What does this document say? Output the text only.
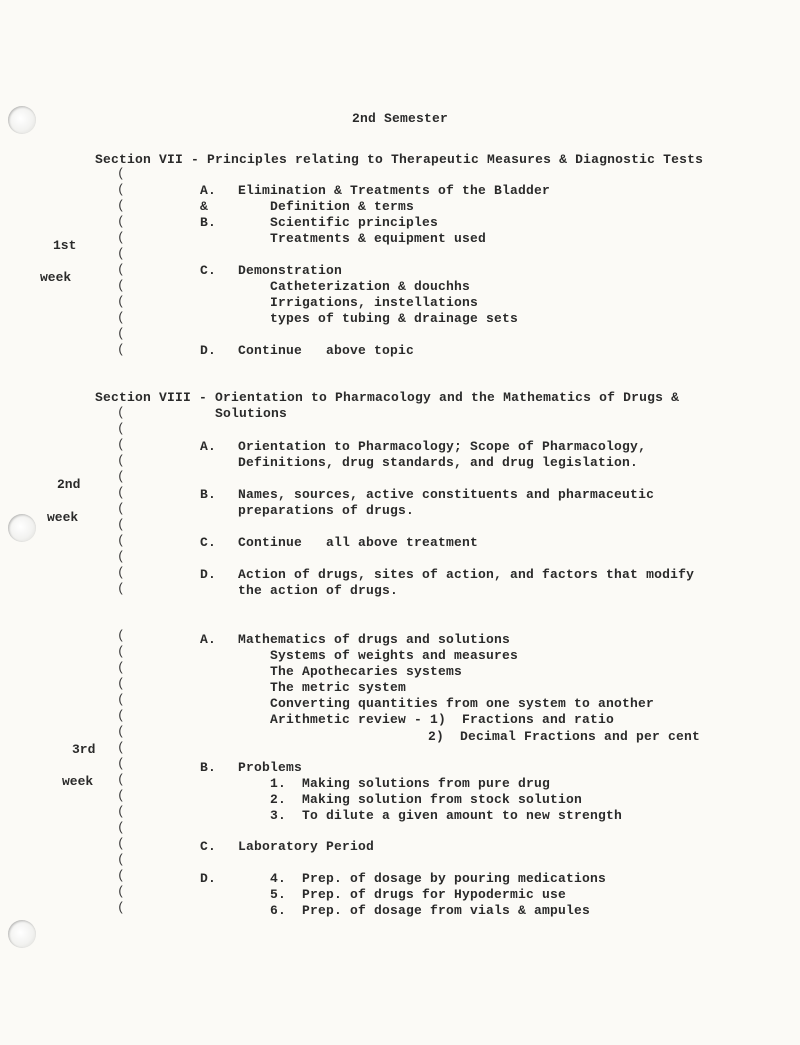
2nd Semester
Section VII - Principles relating to Therapeutic Measures & Diagnostic Tests
1st
week
(
(
(
(
(
(
(
(
(
(
(
(
A. Elimination & Treatments of the Bladder
&	Definition & terms
B.	Scientific principles
Treatments & equipment used
C. Demonstration
Catheterization & douchhs
Irrigations, instellations
types of tubing & drainage sets
D. Continue   above topic
Section VIII - Orientation to Pharmacology and the Mathematics of Drugs &
Solutions
2nd
week
(
(
(
(
(
(
(
(
(
(
(
(
A. Orientation to Pharmacology; Scope of Pharmacology,
Definitions, drug standards, and drug legislation.
B. Names, sources, active constituents and pharmaceutic
preparations of drugs.
C. Continue   all above treatment
D. Action of drugs, sites of action, and factors that modify
the action of drugs.
3rd
week
(
(
(
(
(
(
(
(
(
(
(
(
(
(
(
(
(
(
A. Mathematics of drugs and solutions
Systems of weights and measures
The Apothecaries systems
The metric system
Converting quantities from one system to another
Arithmetic review - 1)  Fractions and ratio
2)  Decimal Fractions and per cent
B. Problems
1.  Making solutions from pure drug
2.  Making solution from stock solution
3.  To dilute a given amount to new strength
C. Laboratory Period
D.	4.  Prep. of dosage by pouring medications
5.  Prep. of drugs for Hypodermic use
6.  Prep. of dosage from vials & ampules
